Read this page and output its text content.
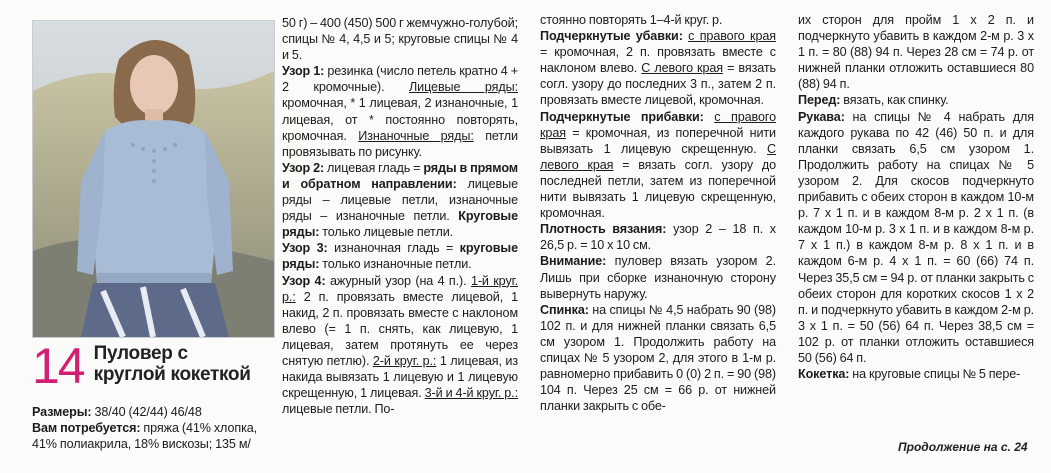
14 Пуловер с круглой кокеткой

Размеры: 38/40 (42/44) 46/48

Вам потребуется: пряжа (41% хлопка, 41% полиакрила, 18% вискозы; 135 м/

50 г) – 400 (450) 500 г жемчужно-голубой; спицы № 4, 4,5 и 5; круговые спицы № 4 и 5.

Узор 1: резинка (число петель кратно 4 + 2 кромочные). Лицевые ряды: кромочная, * 1 лицевая, 2 изнаночные, 1 лицевая, от * постоянно повторять, кромочная. Изнаночные ряды: петли провязывать по рисунку.

Узор 2: лицевая гладь = ряды в прямом и обратном направлении: лицевые ряды – лицевые петли, изнаночные ряды – изнаночные петли. Круговые ряды: только лицевые петли.

Узор 3: изнаночная гладь = круговые ряды: только изнаночные петли.

Узор 4: ажурный узор (на 4 п.). 1-й круг. р.: 2 п. провязать вместе лицевой, 1 накид, 2 п. провязать вместе с наклоном влево (= 1 п. снять, как лицевую, 1 лицевая, затем протянуть ее через снятую петлю). 2-й круг. р.: 1 лицевая, из накида вывязать 1 лицевую и 1 лицевую скрещенную, 1 лицевая. 3-й и 4-й круг. р.: лицевые петли. По-

стоянно повторять 1–4-й круг. р.

Подчеркнутые убавки: с правого края = кромочная, 2 п. провязать вместе с наклоном влево. С левого края = вязать согл. узору до последних 3 п., затем 2 п. провязать вместе лицевой, кромочная.

Подчеркнутые прибавки: с правого края = кромочная, из поперечной нити вывязать 1 лицевую скрещенную. С левого края = вязать согл. узору до последней петли, затем из поперечной нити вывязать 1 лицевую скрещенную, кромочная.

Плотность вязания: узор 2 – 18 п. х 26,5 р. = 10 х 10 см.

Внимание: пуловер вязать узором 2. Лишь при сборке изнаночную сторону вывернуть наружу.

Спинка: на спицы № 4,5 набрать 90 (98) 102 п. и для нижней планки связать 6,5 см узором 1. Продолжить работу на спицах № 5 узором 2, для этого в 1-м р. равномерно прибавить 0 (0) 2 п. = 90 (98) 104 п. Через 25 см = 66 р. от нижней планки закрыть с обе-

их сторон для пройм 1 х 2 п. и подчеркнуто убавить в каждом 2-м р. 3 х 1 п. = 80 (88) 94 п. Через 28 см = 74 р. от нижней планки отложить оставшиеся 80 (88) 94 п.

Перед: вязать, как спинку.

Рукава: на спицы № 4 набрать для каждого рукава по 42 (46) 50 п. и для планки связать 6,5 см узором 1. Продолжить работу на спицах № 5 узором 2. Для скосов подчеркнуто прибавить с обеих сторон в каждом 10-м р. 7 х 1 п. и в каждом 8-м р. 2 х 1 п. (в каждом 10-м р. 3 х 1 п. и в каждом 8-м р. 7 х 1 п.) в каждом 8-м р. 8 х 1 п. и в каждом 6-м р. 4 х 1 п. = 60 (66) 74 п. Через 35,5 см = 94 р. от планки закрыть с обеих сторон для коротких скосов 1 х 2 п. и подчеркнуто убавить в каждом 2-м р. 3 х 1 п. = 50 (56) 64 п. Через 38,5 см = 102 р. от планки отложить оставшиеся 50 (56) 64 п.

Кокетка: на круговые спицы № 5 пере-

Продолжение на с. 24
